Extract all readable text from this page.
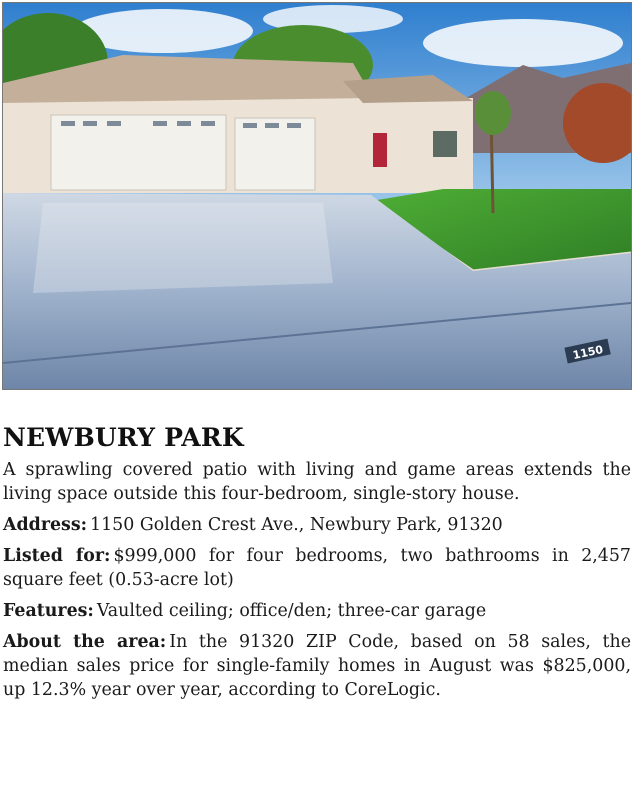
1150
NEWBURY PARK

A sprawling covered patio with living and game areas extends the living space outside this four-bedroom, single-story house.

Address: 1150 Golden Crest Ave., Newbury Park, 91320

Listed for: $999,000 for four bedrooms, two bathrooms in 2,457 square feet (0.53-acre lot)

Features: Vaulted ceiling; office/den; three-car garage

About the area: In the 91320 ZIP Code, based on 58 sales, the median sales price for single-family homes in August was $825,000, up 12.3% year over year, according to CoreLogic.
